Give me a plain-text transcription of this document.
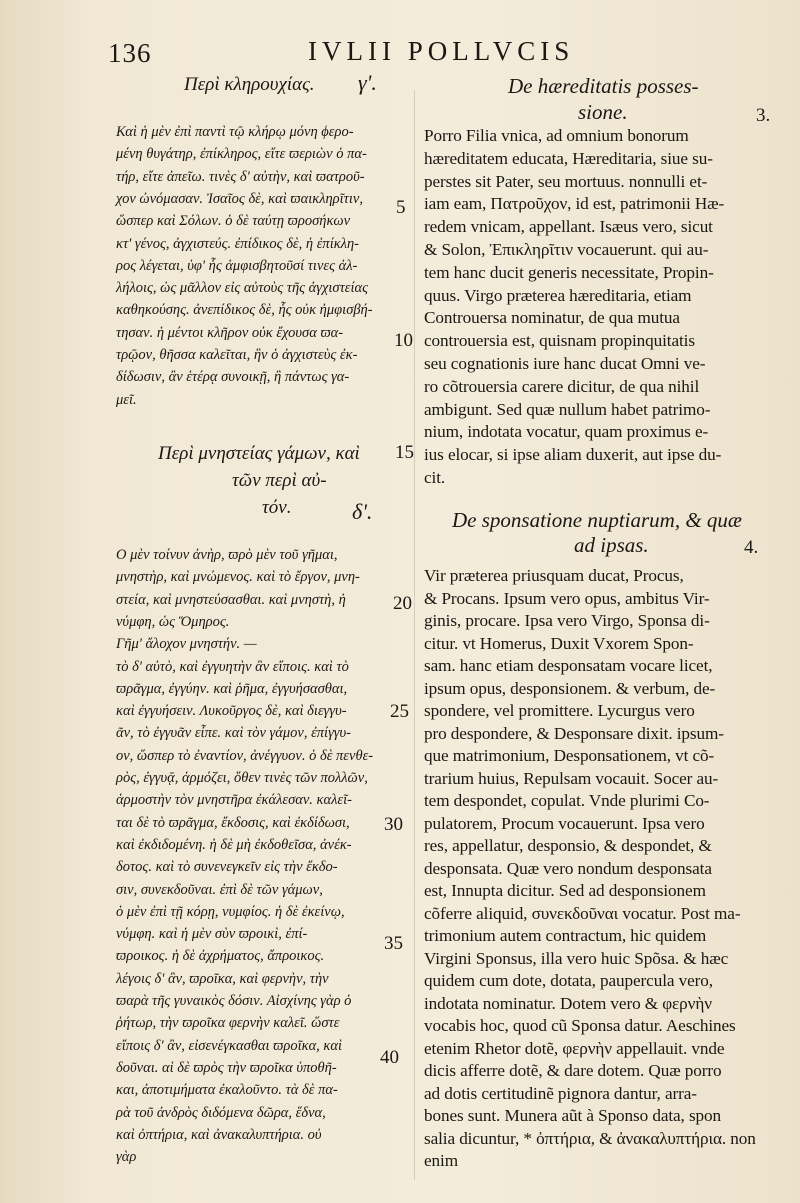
136	IVLII POLLVCIS
Περὶ κληρουχίας. γ'.
Καὶ ἡ μὲν ἐπὶ παντὶ τῷ κλήρῳ μόνη ϕερο-
μένη θυγάτηρ, ἐπίκληρος, εἴτε ϖεριὼν ὁ πα-
τήρ, εἴτε ἀπεῖω. τινὲς δ' αὐτὴν, καὶ ϖατροῦ-
χον ὠνόμασαν. Ἰσαῖος δὲ, καὶ ϖαικληρῖτιν,
ὥσπερ καὶ Σόλων. ὁ δὲ ταύτῃ ϖροσήκων
κτ' γένος, ἀγχιστεύς. ἐπίδικος δὲ, ἡ ἐπίκλη-
ρος λέγεται, ὑφ' ἧς ἀμφισβητοῦσί τινες ἀλ-
λήλοις, ὡς μᾶλλον εἰς αὐτοὺς τῆς ἀγχιστείας
καθηκούσης. ἀνεπίδικος δὲ, ἧς οὐκ ἠμφισβή-
τησαν. ἡ μέντοι κλῆρον οὐκ ἔχουσα ϖα-
τρῷον, θῆσσα καλεῖται, ἣν ὁ ἀγχιστεὺς ἐκ-
δίδωσιν, ἂν ἑτέρᾳ συνοικῇ, ἢ πάντως γα-
μεῖ.
Περὶ μνηστείας γάμων, καὶ
τῶν περὶ αὐ-
τόν.	δ'.
Ο μὲν τοίνυν ἀνὴρ, ϖρὸ μὲν τοῦ γῆμαι,
μνηστὴρ, καὶ μνώμενος. καὶ τὸ ἔργον, μνη-
στεία, καὶ μνηστεύσασθαι. καὶ μνηστὴ, ἡ
νύμφη, ὡς Ὅμηρος.
Γῆμ' ἄλοχον μνηστήν. —
τὸ δ' αὐτὸ, καὶ ἐγγυητὴν ἂν εἴποις. καὶ τὸ
ϖρᾶγμα, ἐγγύην. καὶ ῥῆμα, ἐγγυήσασθαι,
καὶ ἐγγυήσειν. Λυκοῦργος δὲ, καὶ διεγγυ-
ᾶν, τὸ ἐγγυᾶν εἶπε. καὶ τὸν γάμον, ἐπίγγυ-
ον, ὥσπερ τὸ ἐναντίον, ἀνέγγυον. ὁ δὲ πενθε-
ρὸς, ἐγγυᾷ, ἁρμόζει, ὅθεν τινὲς τῶν πολλῶν,
ἁρμοστὴν τὸν μνηστῆρα ἐκάλεσαν. καλεῖ-
ται δὲ τὸ ϖρᾶγμα, ἔκδοσις, καὶ ἐκδίδωσι,
καὶ ἐκδιδομένη. ἡ δὲ μὴ ἐκδοθεῖσα, ἀνέκ-
δοτος. καὶ τὸ συνενεγκεῖν εἰς τὴν ἔκδο-
σιν, συνεκδοῦναι. ἐπὶ δὲ τῶν γάμων,
ὁ μὲν ἐπὶ τῇ κόρῃ, νυμφίος. ἡ δὲ ἐκείνῳ,
νύμφη. καὶ ἡ μὲν σὺν ϖροικὶ, ἐπί-
ϖροικος. ἡ δὲ ἀχρήματος, ἄπροικος.
λέγοις δ' ἂν, ϖροῖκα, καὶ φερνὴν, τὴν
ϖαρὰ τῆς γυναικὸς δόσιν. Αἰσχίνης γὰρ ὁ
ῥήτωρ, τὴν ϖροῖκα φερνὴν καλεῖ. ὥστε
εἴποις δ' ἂν, εἰσενέγκασθαι ϖροῖκα, καὶ
δοῦναι. αἱ δὲ ϖρὸς τὴν ϖροῖκα ὑποθῆ-
και, ἀποτιμήματα ἐκαλοῦντο. τὰ δὲ πα-
ρὰ τοῦ ἀνδρὸς διδόμενα δῶρα, ἕδνα,
καὶ ὀπτήρια, καὶ ἀνακαλυπτήρια. οὐ
γὰρ
5
10
15
20
25
30
35
40
De hæreditatis posses-
sione.	3.
Porro Filia vnica, ad omnium bonorum
hæreditatem educata, Hæreditaria, siue su-
perstes sit Pater, seu mortuus. nonnulli et-
iam eam, Πατροῦχον, id est, patrimonii Hæ-
redem vnicam, appellant. Isæus vero, sicut
& Solon, Ἐπικληρῖτιν vocauerunt. qui au-
tem hanc ducit generis necessitate, Propin-
quus. Virgo præterea hæreditaria, etiam
Controuersa nominatur, de qua mutua
controuersia est, quisnam propinquitatis
seu cognationis iure hanc ducat Omni ve-
ro cõtrouersia carere dicitur, de qua nihil
ambigunt. Sed quæ nullum habet patrimo-
nium, indotata vocatur, quam proximus e-
ius elocar, si ipse aliam duxerit, aut ipse du-
cit.
De sponsatione nuptiarum, & quæ
ad ipsas.	4.
Vir præterea priusquam ducat, Procus,
& Procans. Ipsum vero opus, ambitus Vir-
ginis, procare. Ipsa vero Virgo, Sponsa di-
citur. vt Homerus, Duxit Vxorem Spon-
sam. hanc etiam desponsatam vocare licet,
ipsum opus, desponsionem. & verbum, de-
spondere, vel promittere. Lycurgus vero
pro despondere, & Desponsare dixit. ipsum-
que matrimonium, Desponsationem, vt cõ-
trarium huius, Repulsam vocauit. Socer au-
tem despondet, copulat. Vnde plurimi Co-
pulatorem, Procum vocauerunt. Ipsa vero
res, appellatur, desponsio, & despondet, &
desponsata. Quæ vero nondum desponsata
est, Innupta dicitur. Sed ad desponsionem
cõferre aliquid, συνεκδοῦναι vocatur. Post ma-
trimonium autem contractum, hic quidem
Virgini Sponsus, illa vero huic Spõsa. & hæc
quidem cum dote, dotata, paupercula vero,
indotata nominatur. Dotem vero & φερνὴν
vocabis hoc, quod cũ Sponsa datur. Aeschines
etenim Rhetor dotẽ, φερνὴν appellauit. vnde
dicis afferre dotẽ, & dare dotem. Quæ porro
ad dotis certitudinẽ pignora dantur, arra-
bones sunt. Munera aũt à Sponso data, spon
salia dicuntur, * ὀπτήρια, & ἀνακαλυπτήρια. non
enim
